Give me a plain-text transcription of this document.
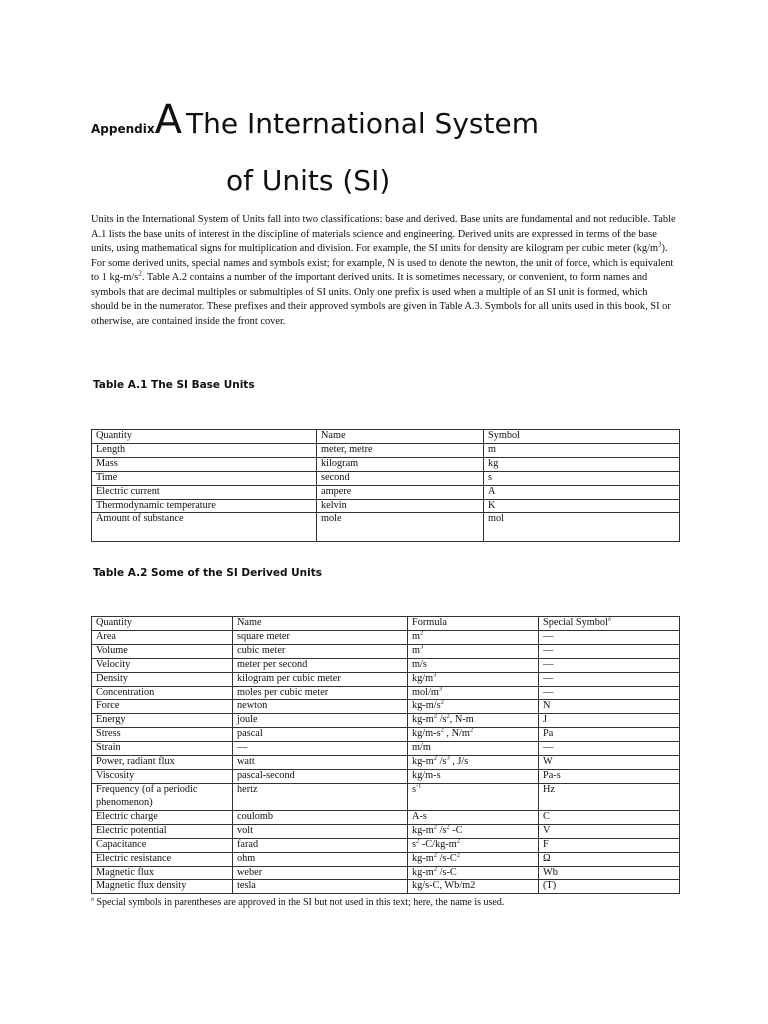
AppendixA The International System
of Units (SI)

Units in the International System of Units fall into two classifications: base and derived. Base units are fundamental and not reducible. Table A.1 lists the base units of interest in the discipline of materials science and engineering. Derived units are expressed in terms of the base units, using mathematical signs for multiplication and division. For example, the SI units for density are kilogram per cubic meter $(kg/m^3)$. For some derived units, special names and symbols exist; for example, N is used to denote the newton, the unit of force, which is equivalent to 1 $kg-m/s^2$. Table A.2 contains a number of the important derived units. It is sometimes necessary, or convenient, to form names and symbols that are decimal multiples or submultiples of SI units. Only one prefix is used when a multiple of an SI unit is formed, which should be in the numerator. These prefixes and their approved symbols are given in Table A.3. Symbols for all units used in this book, SI or otherwise, are contained inside the front cover.

Table A.1 The SI Base Units

Quantity	Name	Symbol
Length	meter, metre	m
Mass	kilogram	kg
Time	second	s
Electric current	ampere	A
Thermodynamic temperature	kelvin	K
Amount of substance	mole	mol

Table A.2 Some of the SI Derived Units

Quantity	Name	Formula	Special Symbol$^a$
Area	square meter	$m^2$	—
Volume	cubic meter	$m^3$	—
Velocity	meter per second	m/s	—
Density	kilogram per cubic meter	$kg/m^3$	—
Concentration	moles per cubic meter	mol/$m^3$	—
Force	newton	$kg-m/s^2$	N
Energy	joule	$kg-m^2$ $/s^2$, N-m	J
Stress	pascal	$kg/m-s^2$ , $N/m^2$	Pa
Strain	—	m/m	—
Power, radiant flux	watt	$kg-m^2$ $/s^3$ , J/s	W
Viscosity	pascal-second	kg/m-s	Pa-s
Frequency (of a periodic phenomenon)	hertz	$s^{-1}$	Hz
Electric charge	coulomb	A-s	C
Electric potential	volt	$kg-m^2$ $/s^2$ -C	V
Capacitance	farad	$s^2$ $-C/kg-m^2$	F
Electric resistance	ohm	$kg-m^2$ $/s-C^2$	Ω
Magnetic flux	weber	$kg-m^2$ /s-C	Wb
Magnetic flux density	tesla	kg/s-C, Wb/m2	(T)

$^a$ Special symbols in parentheses are approved in the SI but not used in this text; here, the name is used.
